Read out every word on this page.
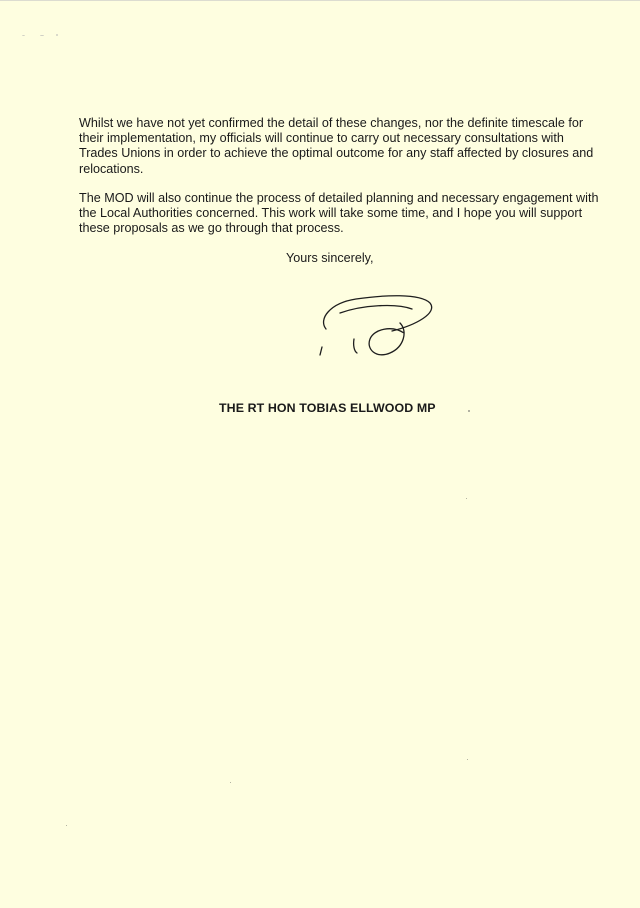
Whilst we have not yet confirmed the detail of these changes, nor the definite timescale for their implementation, my officials will continue to carry out necessary consultations with Trades Unions in order to achieve the optimal outcome for any staff affected by closures and relocations.

The MOD will also continue the process of detailed planning and necessary engagement with the Local Authorities concerned. This work will take some time, and I hope you will support these proposals as we go through that process.

Yours sincerely,

THE RT HON TOBIAS ELLWOOD MP
